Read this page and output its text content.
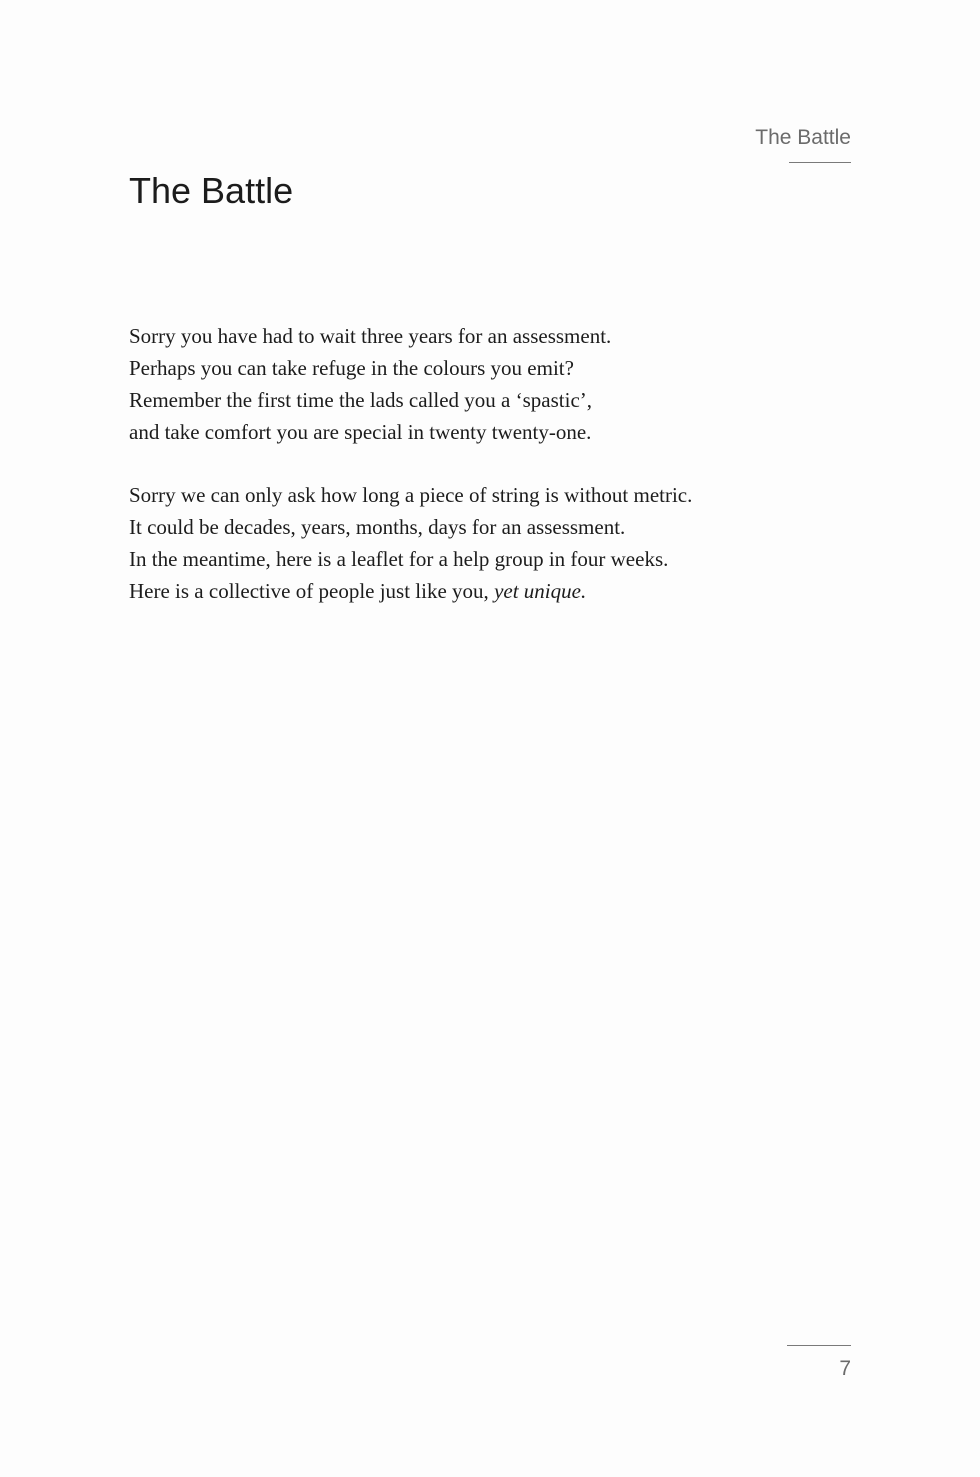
The Battle
The Battle

Sorry you have had to wait three years for an assessment.
Perhaps you can take refuge in the colours you emit?
Remember the first time the lads called you a ‘spastic’,
and take comfort you are special in twenty twenty-one.

Sorry we can only ask how long a piece of string is without metric.
It could be decades, years, months, days for an assessment.
In the meantime, here is a leaflet for a help group in four weeks.
Here is a collective of people just like you, yet unique.

7
